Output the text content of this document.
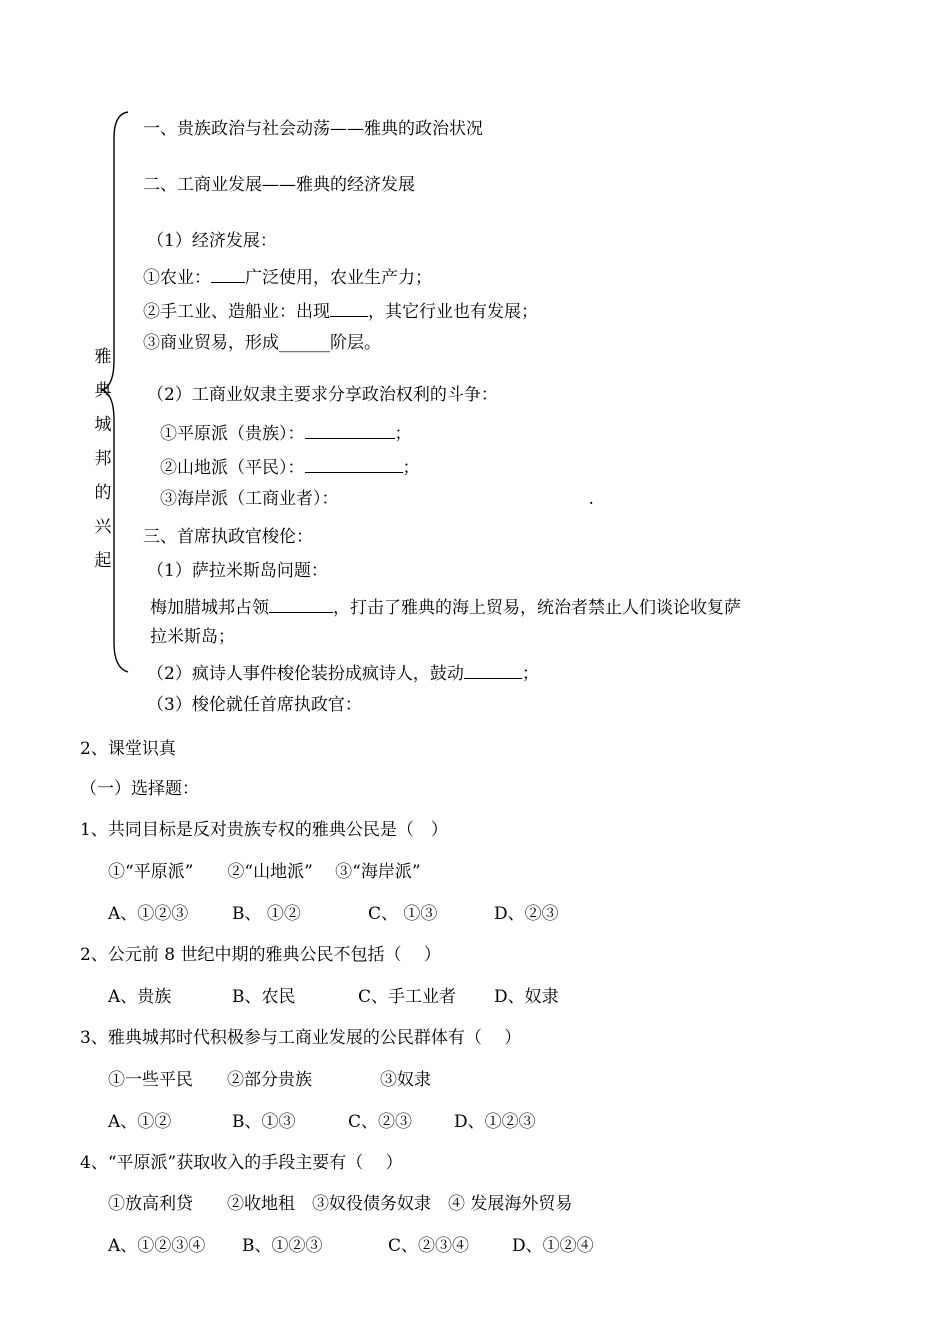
雅
典
城
邦
的
兴
起
一、贵族政治与社会动荡——雅典的政治状况
二、工商业发展——雅典的经济发展
（1）经济发展：
①农业： 广泛使用，农业生产力；
②手工业、造船业：出现 ，其它行业也有发展；
③商业贸易，形成______阶层。
（2）工商业奴隶主要求分享政治权利的斗争：
①平原派（贵族）：	；
②山地派（平民）：	；
③海岸派（工商业者）：	.
三、首席执政官梭伦：
（1）萨拉米斯岛问题：
梅加腊城邦占领	，打击了雅典的海上贸易，统治者禁止人们谈论收复萨
拉米斯岛；
（2）疯诗人事件梭伦装扮成疯诗人，鼓动	；
（3）梭伦就任首席执政官：
2、课堂识真
（一）选择题：
1、共同目标是反对贵族专权的雅典公民是（　）
①“平原派”　　②“山地派”　 ③“海岸派”
A、①②③	B、 ①②	C、 ①③	D、②③
2、公元前 8 世纪中期的雅典公民不包括（　 ）
A、贵族	B、农民	C、手工业者 D、奴隶
3、雅典城邦时代积极参与工商业发展的公民群体有（　 ）
①一些平民　　②部分贵族　　　　③奴隶
A、①②	B、①③	C、②③ D、①②③
4、“平原派”获取收入的手段主要有（　 ）
①放高利贷　　②收地租　③奴役债务奴隶　④ 发展海外贸易
A、①②③④ B、①②③	C、②③④	D、①②④
